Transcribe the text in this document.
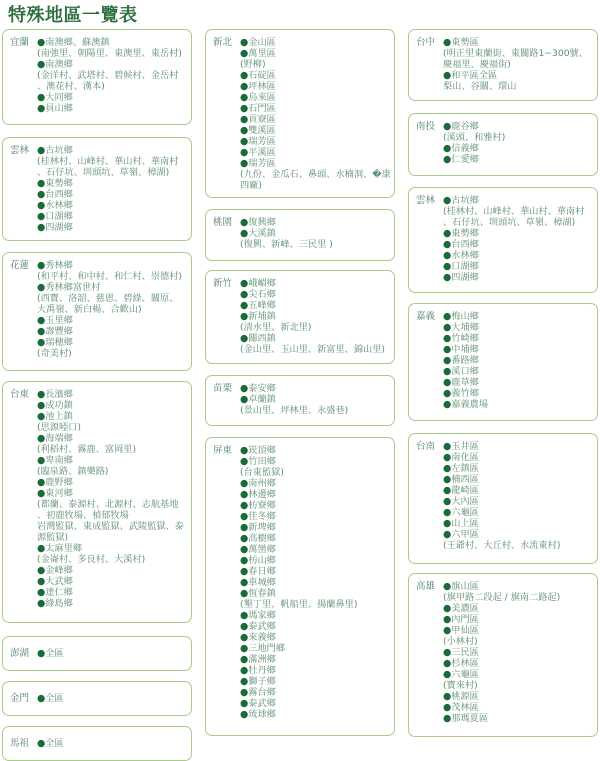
特殊地區一覽表
宜蘭 ●南澳鄉、蘇澳鎮
(南強里、朝陽里、東澳里、東岳村)
●南澳鄉
(金洋村、武塔村、碧候村、金岳村
、澳花村、漢本)
●大同鄉
●員山鄉
雲林 ●古坑鄉
(桂林村、山峰村、華山村、華南村
、石仔坑、圳頭坑、草嶺、樟湖)
●東勢鄉
●台西鄉
●水林鄉
●口湖鄉
●四湖鄉
花蓮 ●秀林鄉
(和平村、和中村、和仁村、崇德村)
●秀林鄉富世村
(西寶、洛韶、慈恩、碧綠、關原、
大禹嶺、新白楊、合歡山)
●玉里鄉
●壽豐鄉
●瑞穗鄉
(奇美村)
台東 ●長濱鄉
●成功鎮
●池上鎮
(思源啞口)
●海端鄉
(利稻村、霧鹿、富岡里)
●卑南鄉
(臨泉路、鎮樂路)
●鹿野鄉
●東河鄉
(都蘭、泰源村、北源村、志航基地
、初鹿牧場、楨郁牧場
岩灣監獄、東成監獄、武陵監獄、泰
源監獄)
●太麻里鄉
(金崙村、多良村、大溪村)
●金峰鄉
●大武鄉
●達仁鄉
●綠島鄉
澎湖 ●全區
金門 ●全區
馬祖 ●全區
新北 ●金山區
●萬里區
(野柳)
●石碇區
●坪林區
●烏來區
●石門區
●貢寮區
●雙溪區
●瑞芳區
●平溪區
●瑞芳區
(九份、金瓜石、鼻頭、水楠洞、�康
四廠)
桃園 ●復興鄉
●大溪鎮
(復興、新峰、三民里 )
新竹 ●峨嵋鄉
●尖石鄉
●五峰鄉
●新埔鎮
(清水里、新北里)
●關西鎮
(金山里、玉山里、新富里、錦山里)
苗栗 ●泰安鄉
●卓蘭鎮
(景山里、坪林里、永盛巷)
屏東 ●崁頂鄉
●竹田鄉
(台東監獄)
●南州鄉
●林邊鄉
●枋寮鄉
●佳冬鄉
●新埤鄉
●高樹鄉
●萬巒鄉
●枋山鄉
●春日鄉
●車城鄉
●恆春鎮
(墾丁里、帆船里、揚蘭鼻里)
●瑪家鄉
●泰武鄉
●來義鄉
●三地門鄉
●滿洲鄉
●牡丹鄉
●獅子鄉
●霧台鄉
●泰武鄉
●琉球鄉
台中 ●東勢區
(明正里東蘭街、東關路1~300號、
慶福里、慶福街)
●和平區全區
梨山、谷關、環山
南投 ●鹿谷鄉
(溪頭、和雅村)
●信義鄉
●仁愛鄉
雲林 ●古坑鄉
(桂林村、山峰村、華山村、華南村
、石仔坑、圳頭坑、草嶺、樟湖)
●東勢鄉
●台西鄉
●水林鄉
●口湖鄉
●四湖鄉
嘉義 ●梅山鄉
●大埔鄉
●竹崎鄉
●中埔鄉
●番路鄉
●溪口鄉
●鹿草鄉
●義竹鄉
●嘉義農場
台南 ●玉井區
●南化區
●左鎮區
●楠西區
●龍崎區
●大內區
●六龜區
●山上區
●六甲區
(王爺村、大丘村、水流東村)
高雄 ●旗山區
(旗甲路二段起 / 旗南二路起)
●美濃區
●內門區
●甲仙區
(小林村)
●三民區
●杉林區
●六龜區
(寶來村)
●桃源區
●茂林區
●那瑪夏區
